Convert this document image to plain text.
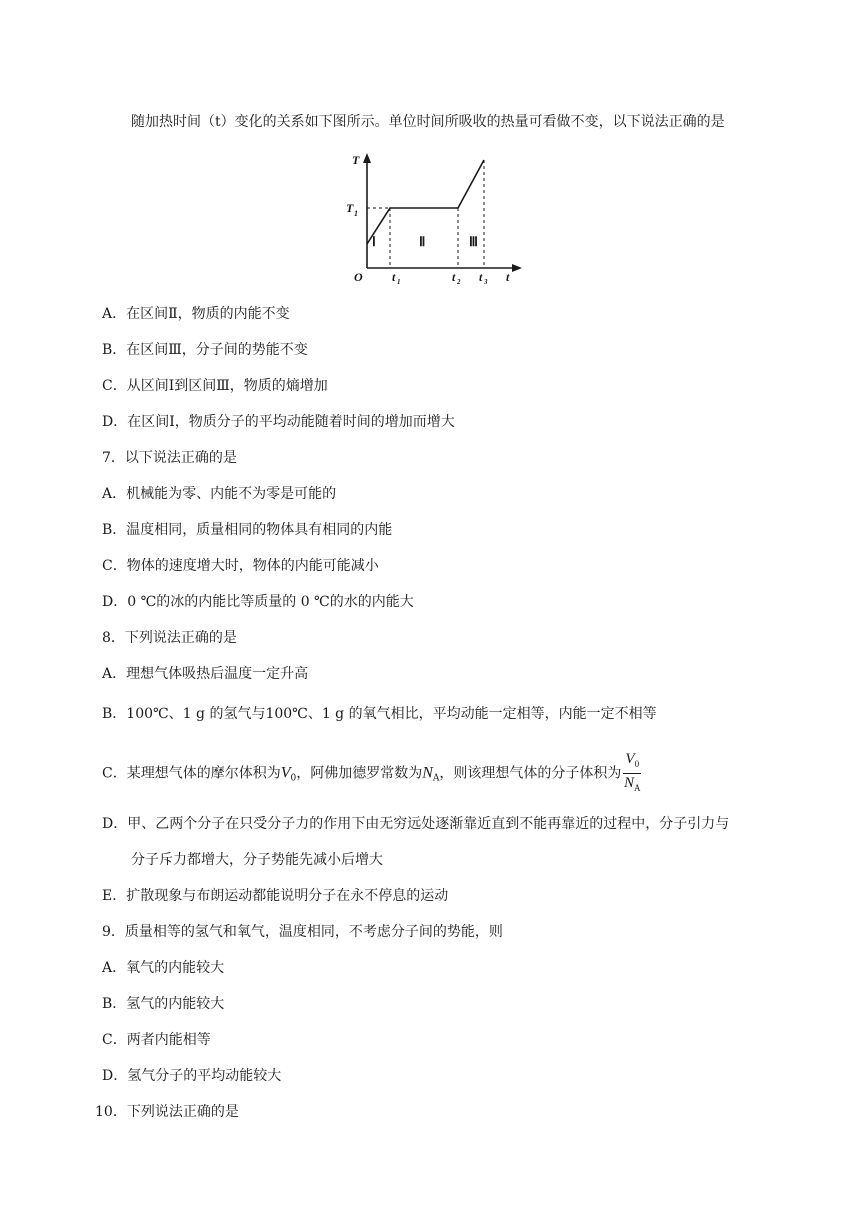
随加热时间（t）变化的关系如下图所示。单位时间所吸收的热量可看做不变，以下说法正确的是
T
O
T 1
t
t 1	t 2 t 3
Ⅰ	Ⅱ	Ⅲ
A．在区间Ⅱ，物质的内能不变
B．在区间Ⅲ，分子间的势能不变
C．从区间Ⅰ到区间Ⅲ，物质的熵增加
D．在区间Ⅰ，物质分子的平均动能随着时间的增加而增大
7．以下说法正确的是
A．机械能为零、内能不为零是可能的
B．温度相同，质量相同的物体具有相同的内能
C．物体的速度增大时，物体的内能可能减小
D．0 ℃的冰的内能比等质量的 0 ℃的水的内能大
8．下列说法正确的是
A．理想气体吸热后温度一定升高
B．100℃、1 g 的氢气与100℃、1 g 的氧气相比，平均动能一定相等，内能一定不相等
C．某理想气体的摩尔体积为$V_0$，阿佛加德罗常数为$N_A$，则该理想气体的分子体积为 $\frac{V_0}{N_A}$
D．甲、乙两个分子在只受分子力的作用下由无穷远处逐渐靠近直到不能再靠近的过程中，分子引力与
分子斥力都增大，分子势能先减小后增大
E．扩散现象与布朗运动都能说明分子在永不停息的运动
9．质量相等的氢气和氧气，温度相同，不考虑分子间的势能，则
A．氧气的内能较大
B．氢气的内能较大
C．两者内能相等
D．氢气分子的平均动能较大
10．下列说法正确的是
